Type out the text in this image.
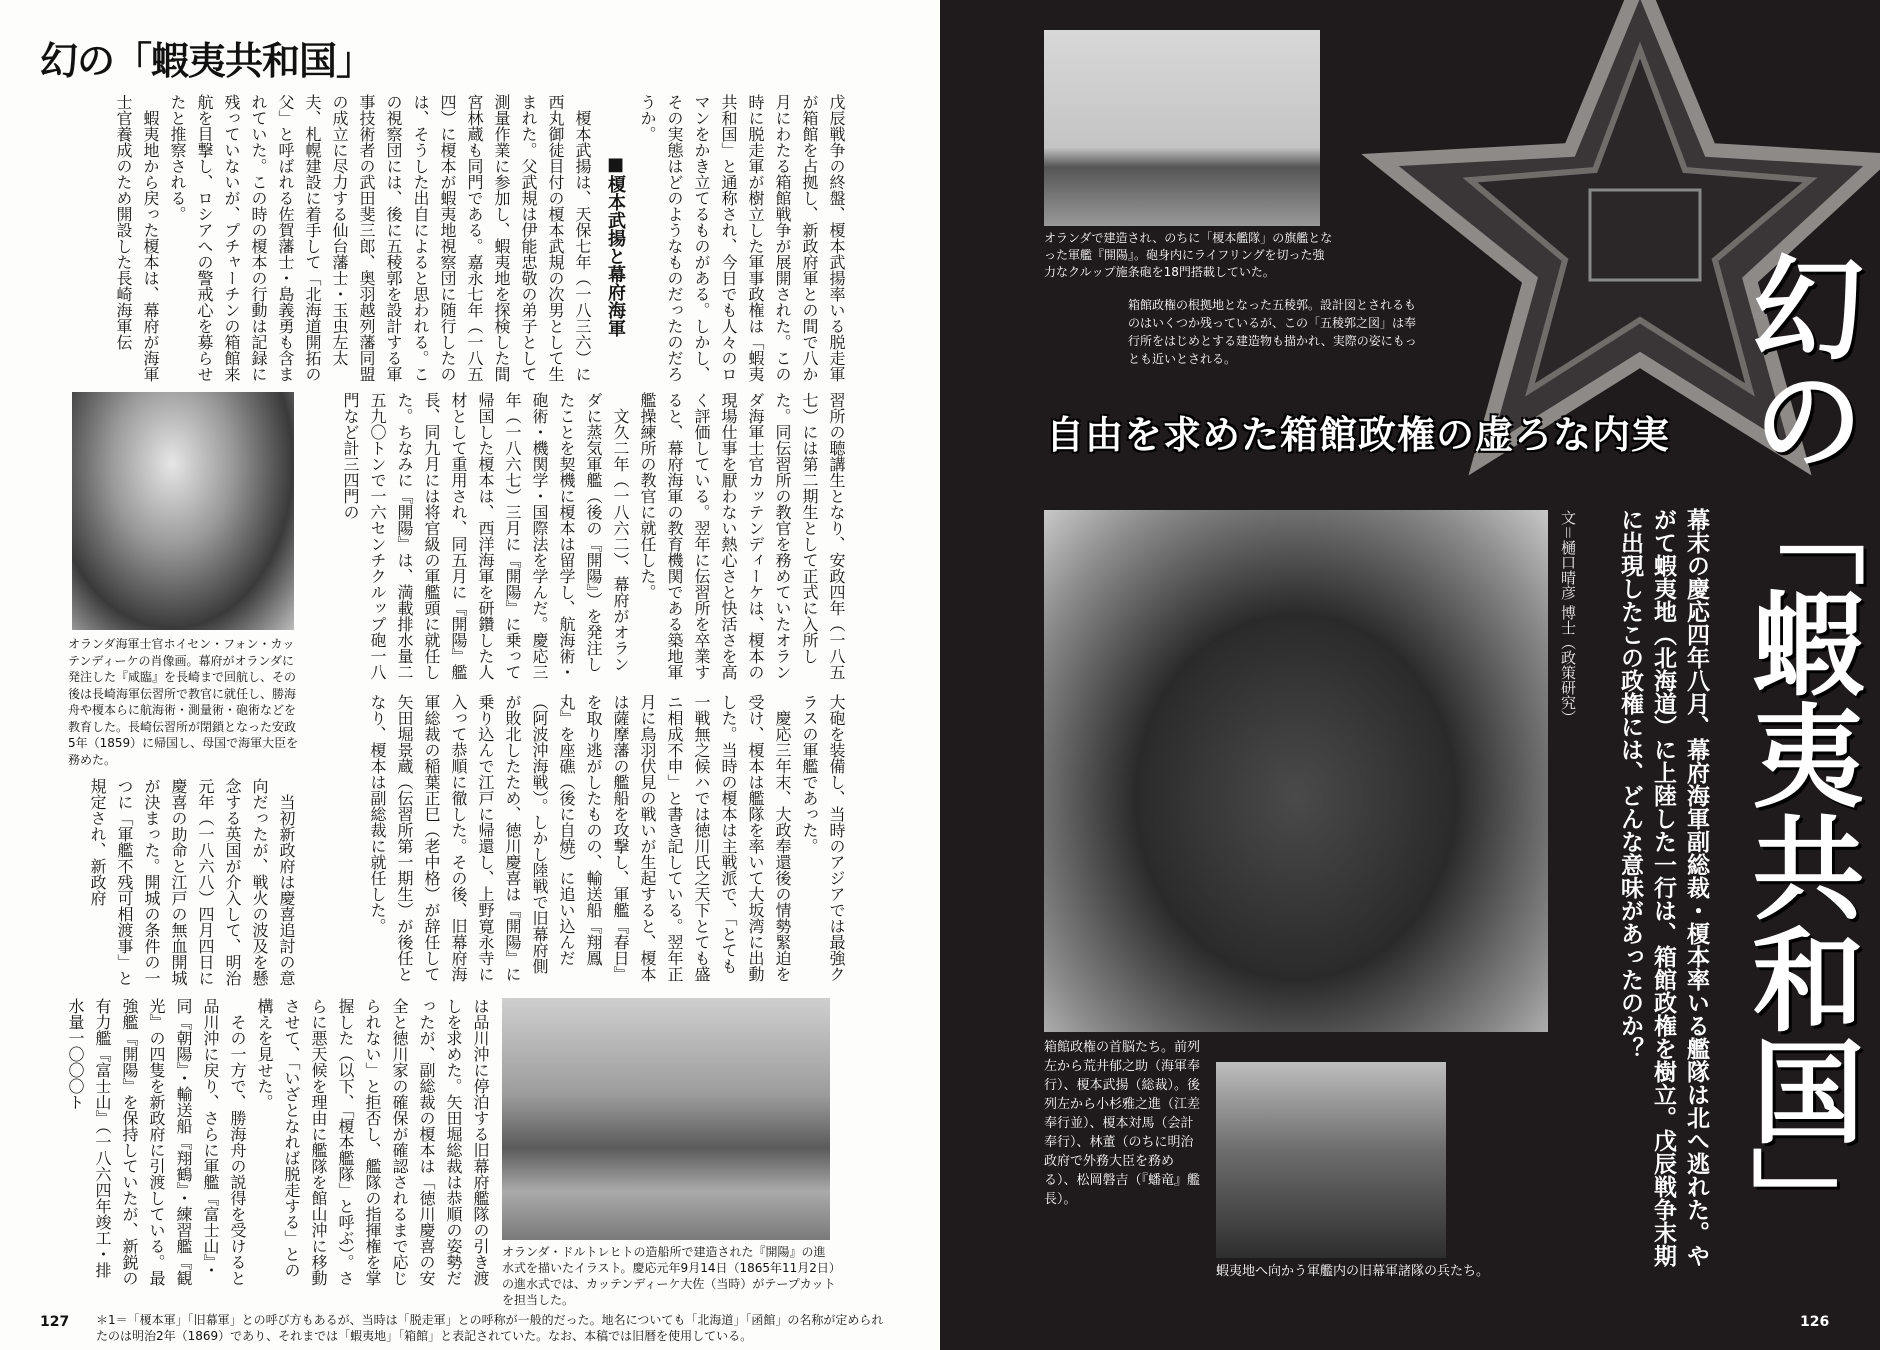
幻の「蝦夷共和国」

戊辰戦争の終盤、榎本武揚率いる脱走軍が箱館を占拠し、新政府軍との間で八か月にわたる箱館戦争が展開された。この時に脱走軍が樹立した軍事政権は「蝦夷共和国」と通称され、今日でも人々のロマンをかき立てるものがある。しかし、その実態はどのようなものだったのだろうか。

■榎本武揚と幕府海軍

榎本武揚は、天保七年（一八三六）に西丸御徒目付の榎本武規の次男として生まれた。父武規は伊能忠敬の弟子として測量作業に参加し、蝦夷地を探検した間宮林蔵も同門である。嘉永七年（一八五四）に榎本が蝦夷地視察団に随行したのは、そうした出自によると思われる。この視察団には、後に五稜郭を設計する軍事技術者の武田斐三郎、奥羽越列藩同盟の成立に尽力する仙台藩士・玉虫左太夫、札幌建設に着手して「北海道開拓の父」と呼ばれる佐賀藩士・島義勇も含まれていた。この時の榎本の行動は記録に残っていないが、プチャーチンの箱館来航を目撃し、ロシアへの警戒心を募らせたと推察される。

蝦夷地から戻った榎本は、幕府が海軍士官養成のため開設した長崎海軍伝

オランダ海軍士官ホイセン・フォン・カッテンディーケの肖像画。幕府がオランダに発注した『咸臨』を長崎まで回航し、その後は長崎海軍伝習所で教官に就任し、勝海舟や榎本らに航海術・測量術・砲術などを教育した。長崎伝習所が閉鎖となった安政5年（1859）に帰国し、母国で海軍大臣を務めた。

習所の聴講生となり、安政四年（一八五七）には第二期生として正式に入所した。同伝習所の教官を務めていたオランダ海軍士官カッテンディーケは、榎本の現場仕事を厭わない熱心さと快活さを高く評価している。翌年に伝習所を卒業すると、幕府海軍の教育機関である築地軍艦操練所の教官に就任した。

文久二年（一八六二）、幕府がオランダに蒸気軍艦（後の『開陽』）を発注したことを契機に榎本は留学し、航海術・砲術・機関学・国際法を学んだ。慶応三年（一八六七）三月に『開陽』に乗って帰国した榎本は、西洋海軍を研鑽した人材として重用され、同五月に『開陽』艦長、同九月には将官級の軍艦頭に就任した。ちなみに『開陽』は、満載排水量二五九〇トンで一六センチクルップ砲一八門など計三四門の

大砲を装備し、当時のアジアでは最強クラスの軍艦であった。

慶応三年末、大政奉還後の情勢緊迫を受け、榎本は艦隊を率いて大坂湾に出動した。当時の榎本は主戦派で、「とても一戦無之候ハでは徳川氏之天下とても盛ニ相成不申」と書き記している。翌年正月に鳥羽伏見の戦いが生起すると、榎本は薩摩藩の艦船を攻撃し、軍艦『春日』を取り逃がしたものの、輸送船『翔鳳丸』を座礁（後に自焼）に追い込んだ（阿波沖海戦）。しかし陸戦で旧幕府側が敗北したため、徳川慶喜は『開陽』に乗り込んで江戸に帰還し、上野寛永寺に入って恭順に徹した。その後、旧幕府海軍総裁の稲葉正巳（老中格）が辞任して矢田堀景蔵（伝習所第一期生）が後任となり、榎本は副総裁に就任した。

当初新政府は慶喜追討の意向だったが、戦火の波及を懸念する英国が介入して、明治元年（一八六八）四月四日に慶喜の助命と江戸の無血開城が決まった。開城の条件の一つに「軍艦不残可相渡事」と規定され、新政府

は品川沖に停泊する旧幕府艦隊の引き渡しを求めた。矢田堀総裁は恭順の姿勢だったが、副総裁の榎本は「徳川慶喜の安全と徳川家の確保が確認されるまで応じられない」と拒否し、艦隊の指揮権を掌握した（以下、「榎本艦隊」と呼ぶ）。さらに悪天候を理由に艦隊を館山沖に移動させて、「いざとなれば脱走する」との構えを見せた。

その一方で、勝海舟の説得を受けると品川沖に戻り、さらに軍艦『富士山』・同『朝陽』・輸送船『翔鶴』・練習艦『観光』の四隻を新政府に引渡している。最強艦『開陽』を保持していたが、新鋭の有力艦『富士山』（一八六四年竣工・排水量一〇〇〇ト

オランダ・ドルトレヒトの造船所で建造された『開陽』の進水式を描いたイラスト。慶応元年9月14日（1865年11月2日）の進水式では、カッテンディーケ大佐（当時）がテープカットを担当した。
＊1＝「榎本軍」「旧幕軍」との呼び方もあるが、当時は「脱走軍」との呼称が一般的だった。地名についても「北海道」「函館」の名称が定められたのは明治2年（1869）であり、それまでは「蝦夷地」「箱館」と表記されていた。なお、本稿では旧暦を使用している。
127
オランダで建造され、のちに「榎本艦隊」の旗艦となった軍艦『開陽』。砲身内にライフリングを切った強力なクルップ施条砲を18門搭載していた。
箱館政権の根拠地となった五稜郭。設計図とされるものはいくつか残っているが、この「五稜郭之図」は奉行所をはじめとする建造物も描かれ、実際の姿にもっとも近いとされる。
自由を求めた箱館政権の虚ろな内実 幻の「蝦夷共和国」
幕末の慶応四年八月、幕府海軍副総裁・榎本率いる艦隊は北へ逃れた。やがて蝦夷地（北海道）に上陸した一行は、箱館政権を樹立。戊辰戦争末期に出現したこの政権には、どんな意味があったのか？
文＝樋口晴彦 博士（政策研究）
箱館政権の首脳たち。前列左から荒井郁之助（海軍奉行）、榎本武揚（総裁）。後列左から小杉雅之進（江差奉行並）、榎本対馬（会計奉行）、林董（のちに明治政府で外務大臣を務める）、松岡磐吉（『蟠竜』艦長）。
蝦夷地へ向かう軍艦内の旧幕軍諸隊の兵たち。
126
